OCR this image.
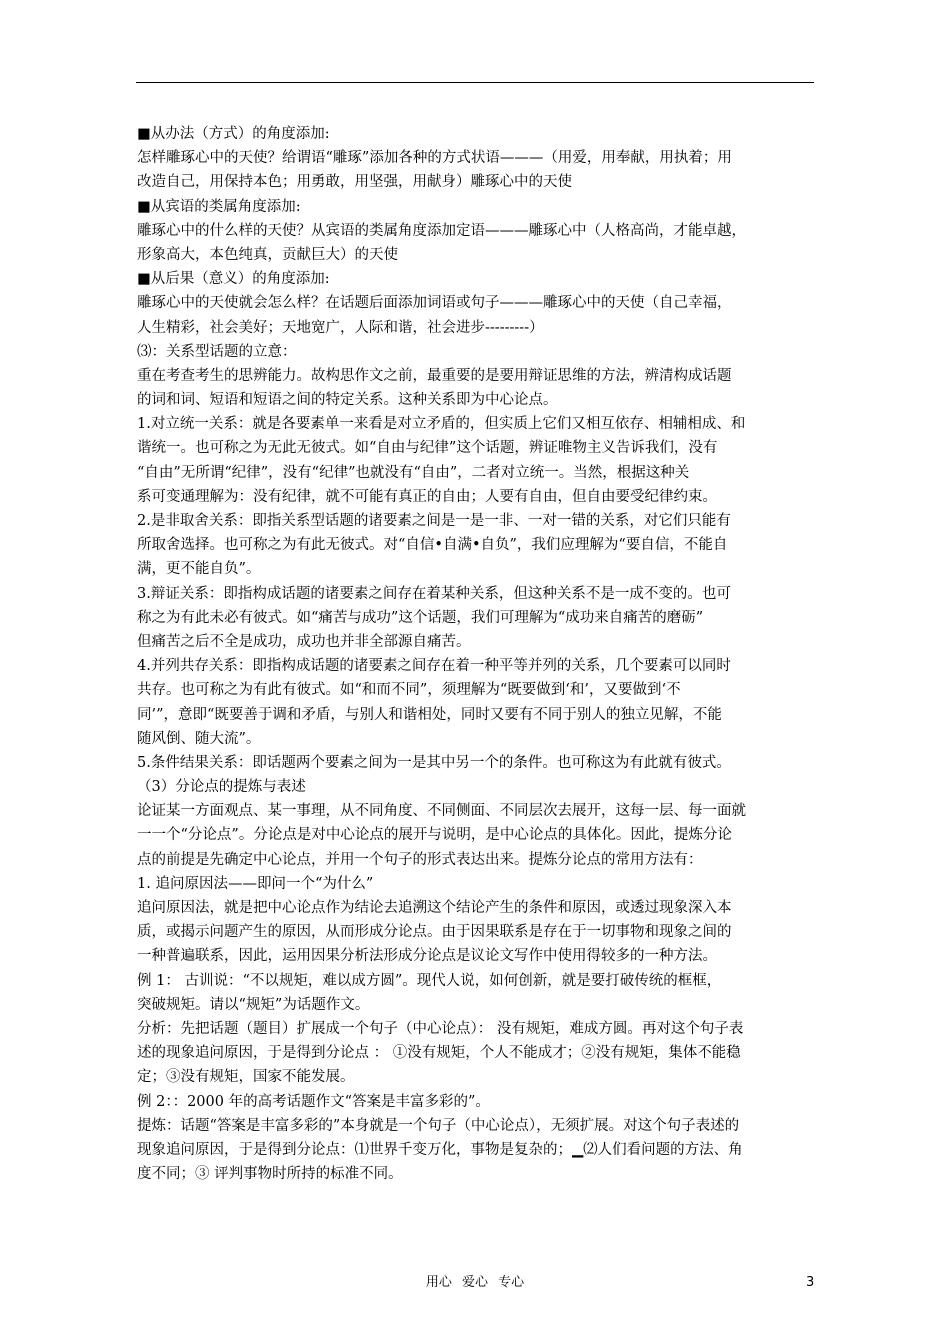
■从办法（方式）的角度添加:
怎样雕琢心中的天使？给谓语“雕琢”添加各种的方式状语———（用爱，用奉献，用执着；用
改造自己，用保持本色；用勇敢，用坚强，用献身）雕琢心中的天使
■从宾语的类属角度添加:
雕琢心中的什么样的天使？从宾语的类属角度添加定语———雕琢心中（人格高尚，才能卓越，
形象高大，本色纯真，贡献巨大）的天使
■从后果（意义）的角度添加:
雕琢心中的天使就会怎么样？在话题后面添加词语或句子———雕琢心中的天使（自己幸福，
人生精彩，社会美好；天地宽广，人际和谐，社会进步---------）
⑶：关系型话题的立意：
重在考查考生的思辨能力。故构思作文之前，最重要的是要用辩证思维的方法，辨清构成话题
的词和词、短语和短语之间的特定关系。这种关系即为中心论点。
1.对立统一关系：就是各要素单一来看是对立矛盾的，但实质上它们又相互依存、相辅相成、和
谐统一。也可称之为无此无彼式。如“自由与纪律”这个话题，辨证唯物主义告诉我们，没有
“自由”无所谓“纪律”，没有“纪律”也就没有“自由”，二者对立统一。当然，根据这种关
系可变通理解为：没有纪律，就不可能有真正的自由；人要有自由，但自由要受纪律约束。
2.是非取舍关系：即指关系型话题的诸要素之间是一是一非、一对一错的关系，对它们只能有
所取舍选择。也可称之为有此无彼式。对“自信•自满•自负”，我们应理解为“要自信，不能自
满，更不能自负”。
3.辩证关系：即指构成话题的诸要素之间存在着某种关系，但这种关系不是一成不变的。也可
称之为有此未必有彼式。如“痛苦与成功”这个话题，我们可理解为“成功来自痛苦的磨砺”
但痛苦之后不全是成功，成功也并非全部源自痛苦。
4.并列共存关系：即指构成话题的诸要素之间存在着一种平等并列的关系，几个要素可以同时
共存。也可称之为有此有彼式。如“和而不同”，须理解为“既要做到‘和’，又要做到‘不
同’”，意即“既要善于调和矛盾，与别人和谐相处，同时又要有不同于别人的独立见解，不能
随风倒、随大流”。
5.条件结果关系：即话题两个要素之间为一是其中另一个的条件。也可称这为有此就有彼式。
（3）分论点的提炼与表述
论证某一方面观点、某一事理，从不同角度、不同侧面、不同层次去展开，这每一层、每一面就
一一个“分论点”。分论点是对中心论点的展开与说明，是中心论点的具体化。因此，提炼分论
点的前提是先确定中心论点，并用一个句子的形式表达出来。提炼分论点的常用方法有：
1. 追问原因法——即问一个“为什么”
追问原因法，就是把中心论点作为结论去追溯这个结论产生的条件和原因，或透过现象深入本
质，或揭示问题产生的原因，从而形成分论点。由于因果联系是存在于一切事物和现象之间的
一种普遍联系，因此，运用因果分析法形成分论点是议论文写作中使用得较多的一种方法。
例 1： 古训说：“不以规矩，难以成方圆”。现代人说，如何创新，就是要打破传统的框框，
突破规矩。请以“规矩”为话题作文。
分析：先把话题（题目）扩展成一个句子（中心论点）： 没有规矩，难成方圆。再对这个句子表
述的现象追问原因，于是得到分论点 ： ①没有规矩，个人不能成才；②没有规矩，集体不能稳
定；③没有规矩，国家不能发展。
例 2：：2000 年的高考话题作文“答案是丰富多彩的”。
提炼：话题“答案是丰富多彩的”本身就是一个句子（中心论点），无须扩展。对这个句子表述的
现象追问原因，于是得到分论点：⑴世界千变万化，事物是复杂的；▁⑵人们看问题的方法、角
度不同；③ 评判事物时所持的标准不同。
用心 爱心 专心	3
